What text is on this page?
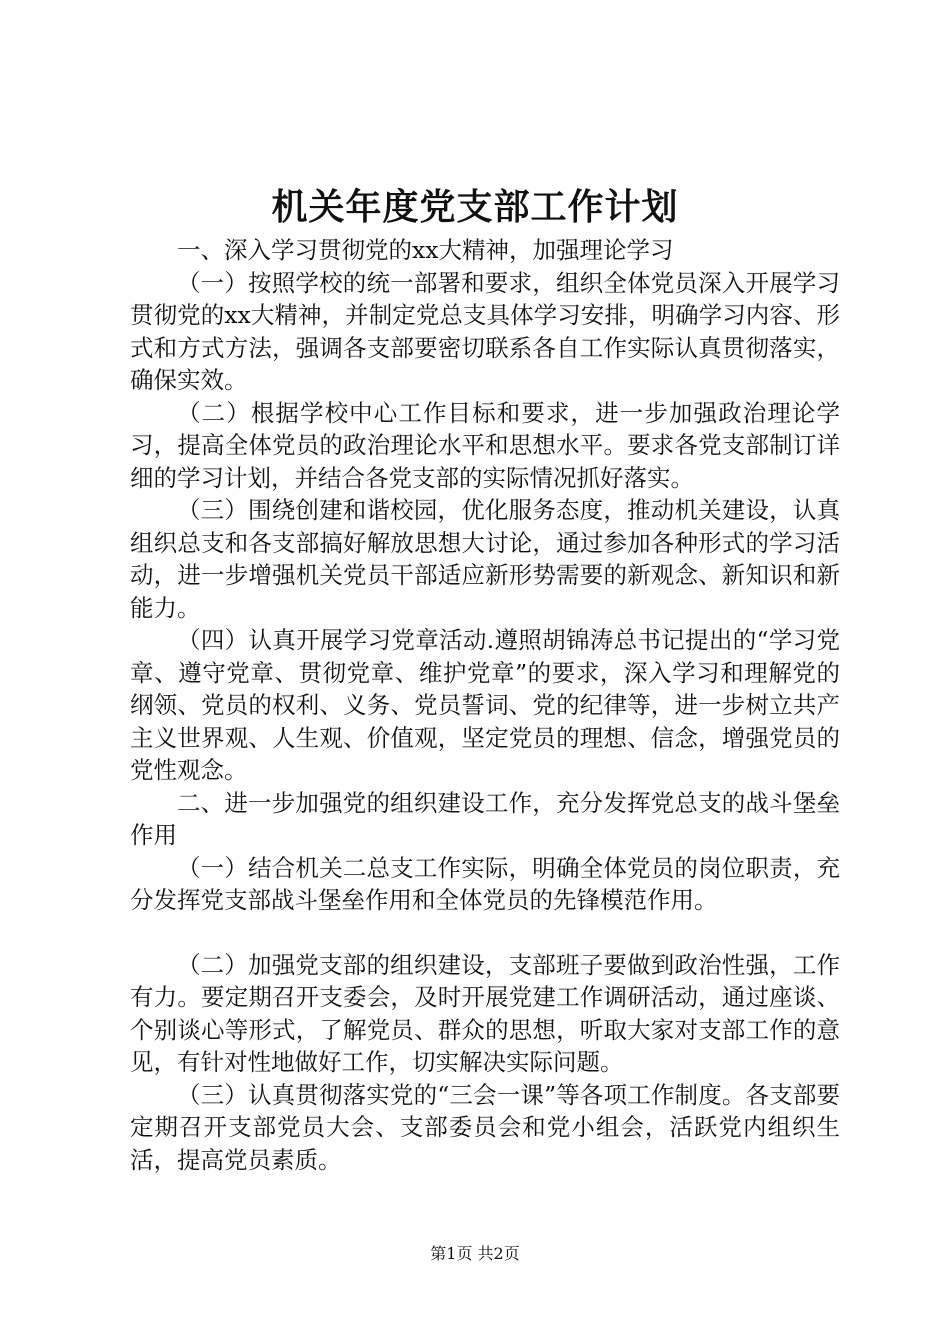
机关年度党支部工作计划

一、深入学习贯彻党的xx大精神，加强理论学习

（一）按照学校的统一部署和要求，组织全体党员深入开展学习贯彻党的xx大精神，并制定党总支具体学习安排，明确学习内容、形式和方式方法，强调各支部要密切联系各自工作实际认真贯彻落实，确保实效。

（二）根据学校中心工作目标和要求，进一步加强政治理论学习，提高全体党员的政治理论水平和思想水平。要求各党支部制订详细的学习计划，并结合各党支部的实际情况抓好落实。

（三）围绕创建和谐校园，优化服务态度，推动机关建设，认真组织总支和各支部搞好解放思想大讨论，通过参加各种形式的学习活动，进一步增强机关党员干部适应新形势需要的新观念、新知识和新能力。

（四）认真开展学习党章活动.遵照胡锦涛总书记提出的“学习党章、遵守党章、贯彻党章、维护党章”的要求，深入学习和理解党的纲领、党员的权利、义务、党员誓词、党的纪律等，进一步树立共产主义世界观、人生观、价值观，坚定党员的理想、信念，增强党员的党性观念。

二、进一步加强党的组织建设工作，充分发挥党总支的战斗堡垒作用

（一）结合机关二总支工作实际，明确全体党员的岗位职责，充分发挥党支部战斗堡垒作用和全体党员的先锋模范作用。

（二）加强党支部的组织建设，支部班子要做到政治性强，工作有力。要定期召开支委会，及时开展党建工作调研活动，通过座谈、个别谈心等形式，了解党员、群众的思想，听取大家对支部工作的意见，有针对性地做好工作，切实解决实际问题。

（三）认真贯彻落实党的“三会一课”等各项工作制度。各支部要定期召开支部党员大会、支部委员会和党小组会，活跃党内组织生活，提高党员素质。

第1页 共2页
